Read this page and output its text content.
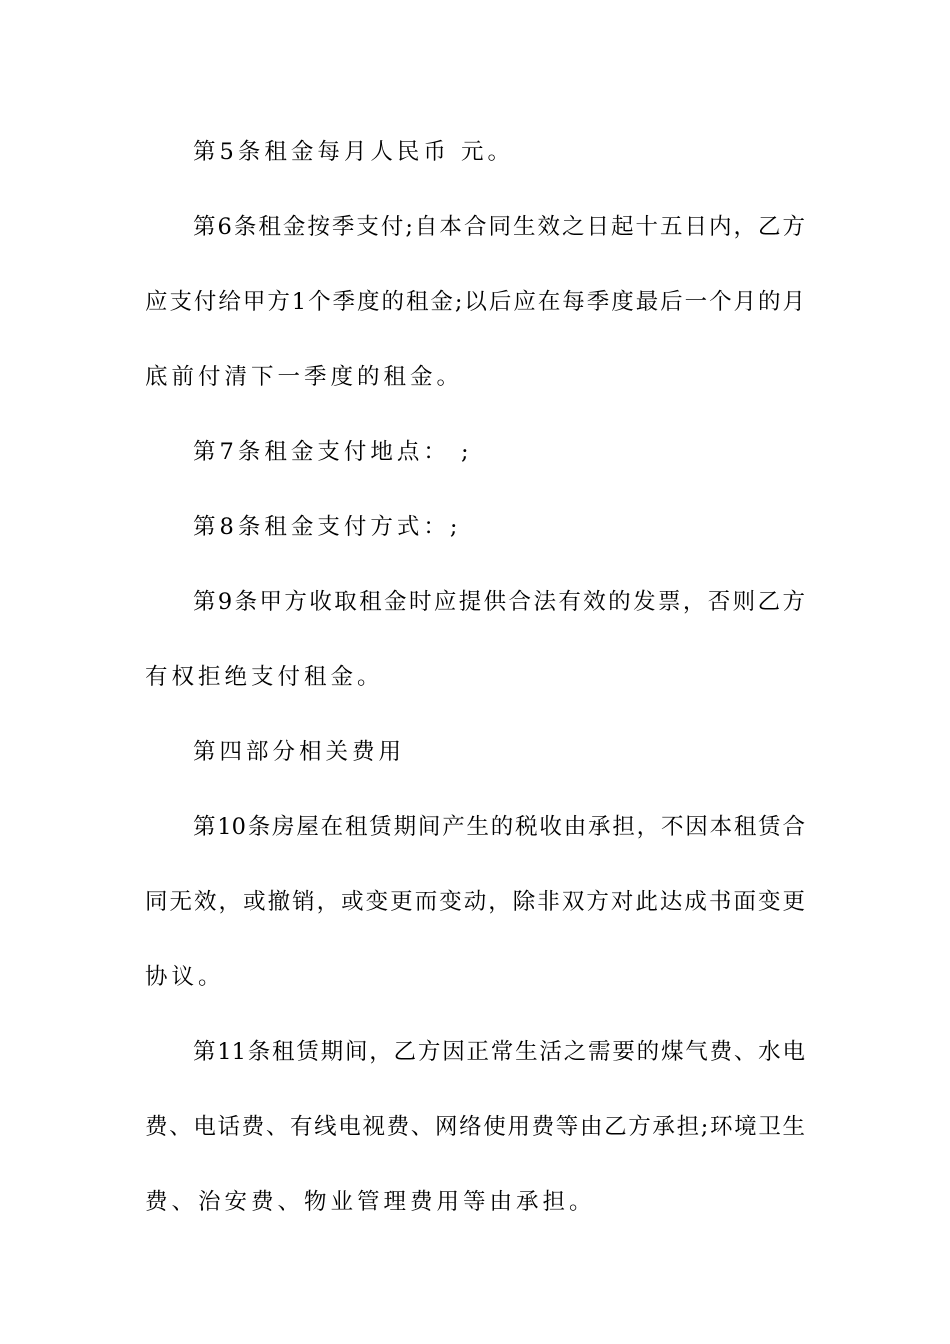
第5条租金每月人民币 元。
第6条租金按季支付;自本合同生效之日起十五日内，乙方
应支付给甲方1个季度的租金;以后应在每季度最后一个月的月
底前付清下一季度的租金。
第7条租金支付地点： ;
第8条租金支付方式：;
第9条甲方收取租金时应提供合法有效的发票，否则乙方
有权拒绝支付租金。
第四部分相关费用
第10条房屋在租赁期间产生的税收由承担，不因本租赁合
同无效，或撤销，或变更而变动，除非双方对此达成书面变更
协议。
第11条租赁期间，乙方因正常生活之需要的煤气费、水电
费、电话费、有线电视费、网络使用费等由乙方承担;环境卫生
费、治安费、物业管理费用等由承担。
